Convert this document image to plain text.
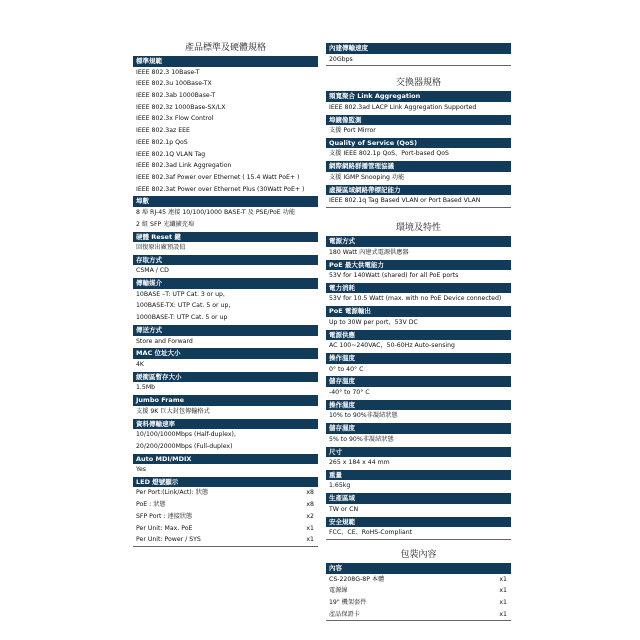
產品標準及硬體規格
標準規範
IEEE 802.3 10Base-T
IEEE 802.3u 100Base-TX
IEEE 802.3ab 1000Base-T
IEEE 802.3z 1000Base-SX/LX
IEEE 802.3x Flow Control
IEEE 802.3az EEE
IEEE 802.1p QoS
IEEE 802.1Q VLAN Tag
IEEE 802.3ad Link Aggregation
IEEE 802.3af Power over Ethernet ( 15.4 Watt PoE+ )
IEEE 802.3at Power over Ethernet Plus (30Watt PoE+ )
埠數
8 埠 RJ-45 連接 10/100/1000 BASE-T 及 PSE/PoE 功能
2 組 SFP 光纖擴充埠
硬體 Reset 鍵
回復原出廠預設值
存取方式
CSMA / CD
傳輸媒介
10BASE –T: UTP Cat. 3 or up，
100BASE-TX: UTP Cat. 5 or up，
1000BASE-T: UTP Cat. 5 or up
傳送方式
Store and Forward
MAC 位址大小
4K
緩衝區暫存大小
1.5Mb
Jumbo Frame
支援 9K 巨大封包傳輸格式
資料傳輸速率
10/100/1000Mbps (Half-duplex)，
20/200/2000Mbps (Full-duplex)
Auto MDI/MDIX
Yes
LED 燈號顯示
Per Port:(Link/Act): 狀態	x8
PoE : 狀態	x8
SFP Port : 連接狀態	x2
Per Unit: Max. PoE	x1
Per Unit: Power / SYS	x1
內建傳輸速度
20Gbps
交換器規格
頻寬聚合 Link Aggregation
IEEE 802.3ad LACP Link Aggregation Supported
埠鏡像監測
支援 Port Mirror
Quality of Service (QoS)
支援 IEEE 802.1p QoS、Port-based QoS
網際網路群播管理協議
支援 IGMP Snooping 功能
虛擬區域網路帶標記能力
IEEE 802.1q Tag Based VLAN or Port Based VLAN
環境及特性
電源方式
180 Watt 內建式電源供應器
PoE 最大供電能力
53V for 140Watt (shared) for all PoE ports
電力消耗
53V for 10.5 Watt (max. with no PoE Device connected)
PoE 電源輸出
Up to 30W per port，53V DC
電源供應
AC 100~240VAC，50-60Hz Auto-sensing
操作溫度
0° to 40° C
儲存溫度
-40° to 70° C
操作濕度
10% to 90%非凝結狀態
儲存濕度
5% to 90%非凝結狀態
尺寸
265 x 184 x 44 mm
重量
1.65kg
生產區域
TW or CN
安全規範
FCC、CE、RoHS-Compliant
包裝內容
內容
CS-2208G-8P 本體	x1
電源線	x1
19" 機架套件	x1
產品保證卡	x1
